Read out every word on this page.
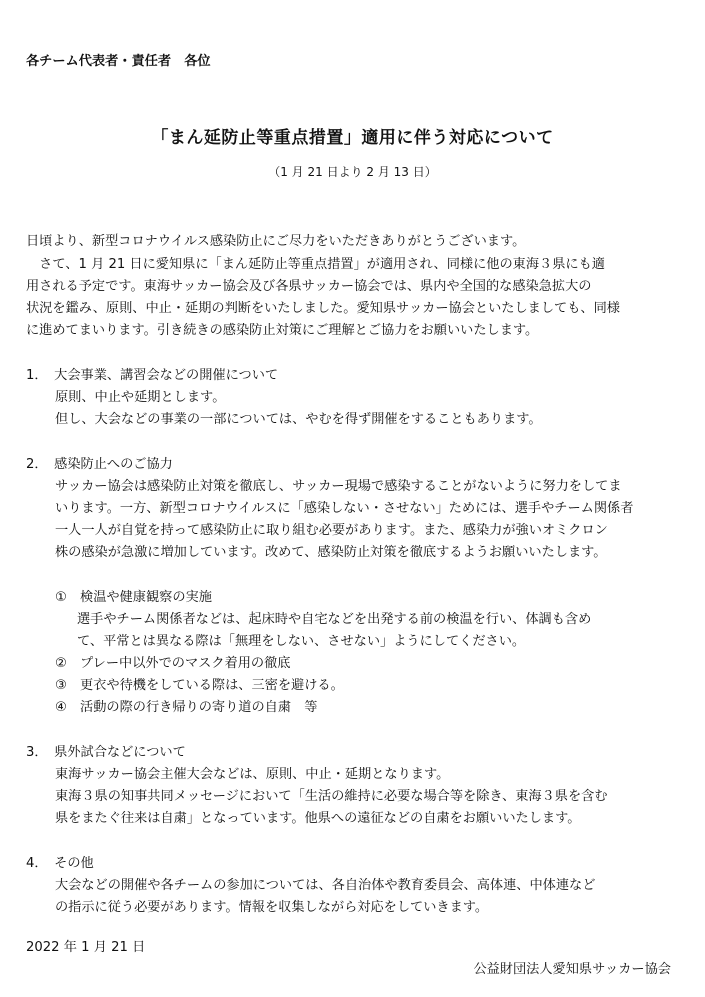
各チーム代表者・責任者　各位
「まん延防止等重点措置」適用に伴う対応について
（1 月 21 日より 2 月 13 日）
日頃より、新型コロナウイルス感染防止にご尽力をいただきありがとうございます。
　さて、1 月 21 日に愛知県に「まん延防止等重点措置」が適用され、同様に他の東海３県にも適
用される予定です。東海サッカー協会及び各県サッカー協会では、県内や全国的な感染急拡大の
状況を鑑み、原則、中止・延期の判断をいたしました。愛知県サッカー協会といたしましても、同様
に進めてまいります。引き続きの感染防止対策にご理解とご協力をお願いいたします。
1．　大会事業、講習会などの開催について
原則、中止や延期とします。
但し、大会などの事業の一部については、やむを得ず開催をすることもあります。
2．　感染防止へのご協力
サッカー協会は感染防止対策を徹底し、サッカー現場で感染することがないように努力をしてま
いります。一方、新型コロナウイルスに「感染しない・させない」ためには、選手やチーム関係者
一人一人が自覚を持って感染防止に取り組む必要があります。また、感染力が強いオミクロン
株の感染が急激に増加しています。改めて、感染防止対策を徹底するようお願いいたします。
①　検温や健康観察の実施
選手やチーム関係者などは、起床時や自宅などを出発する前の検温を行い、体調も含め
て、平常とは異なる際は「無理をしない、させない」ようにしてください。
②　プレー中以外でのマスク着用の徹底
③　更衣や待機をしている際は、三密を避ける。
④　活動の際の行き帰りの寄り道の自粛　等
3．　県外試合などについて
東海サッカー協会主催大会などは、原則、中止・延期となります。
東海３県の知事共同メッセージにおいて「生活の維持に必要な場合等を除き、東海３県を含む
県をまたぐ往来は自粛」となっています。他県への遠征などの自粛をお願いいたします。
4．　その他
大会などの開催や各チームの参加については、各自治体や教育委員会、高体連、中体連など
の指示に従う必要があります。情報を収集しながら対応をしていきます。
2022 年 1 月 21 日
公益財団法人愛知県サッカー協会
